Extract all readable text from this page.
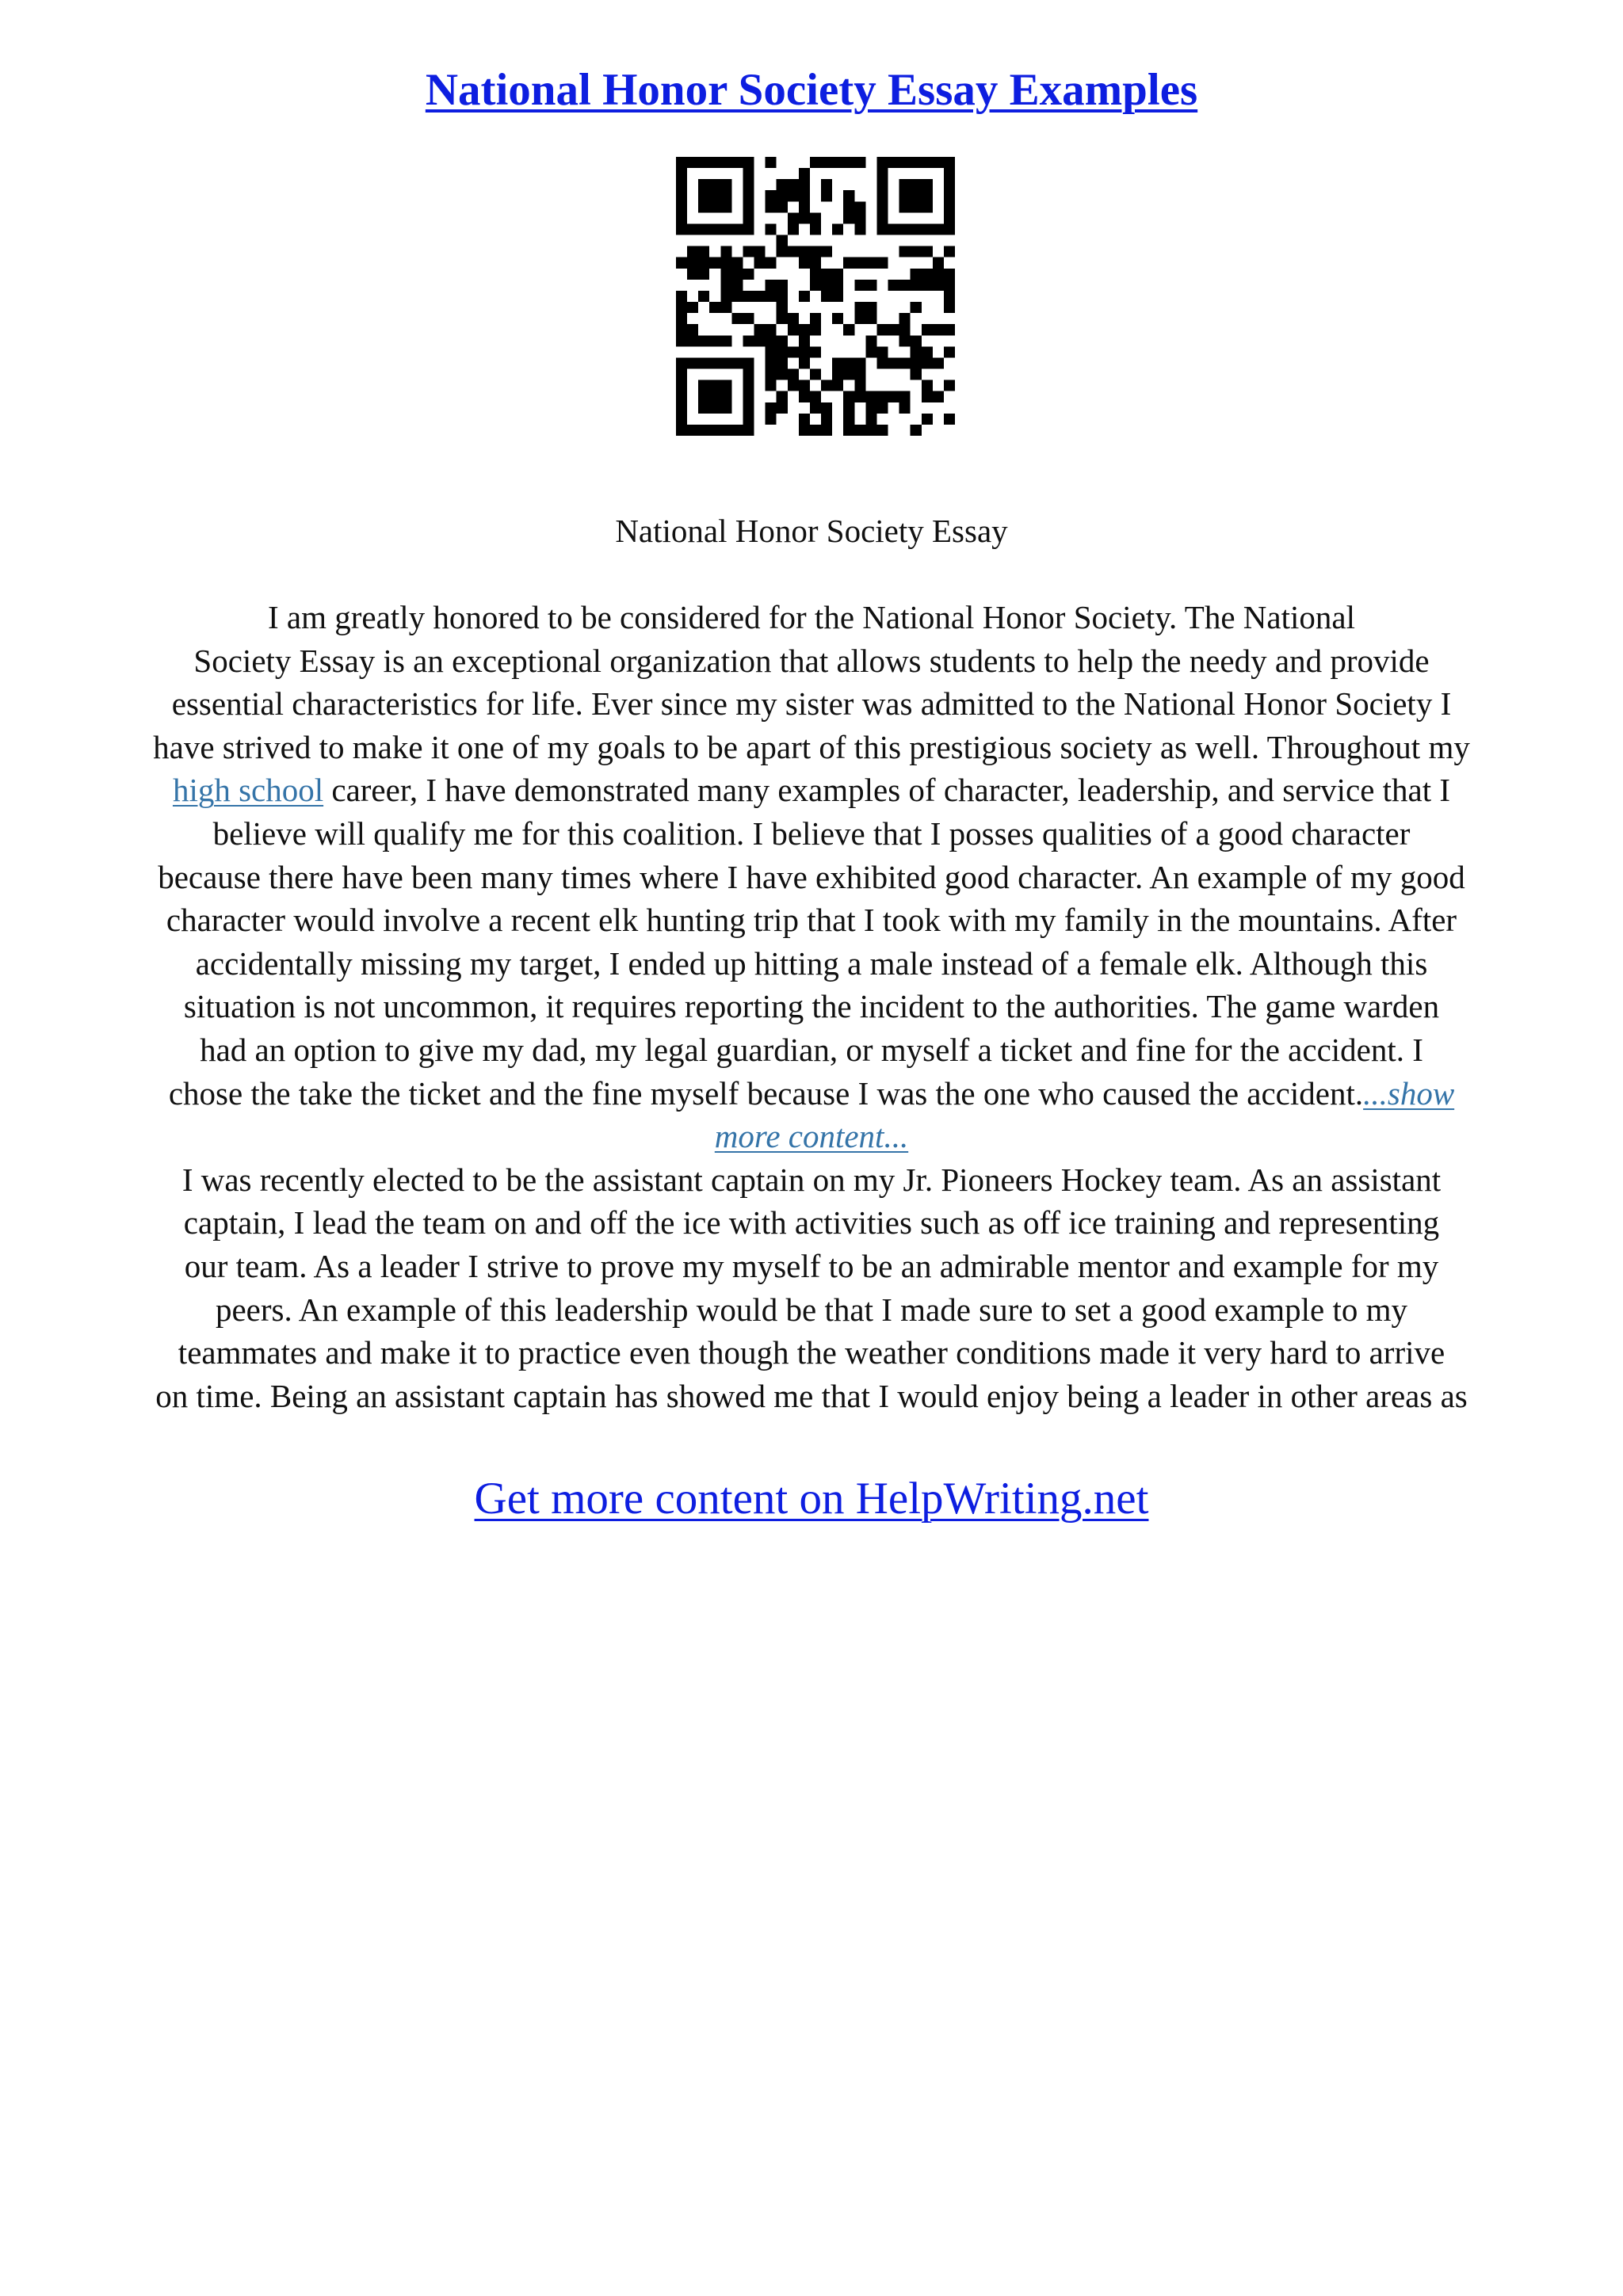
National Honor Society Essay Examples
National Honor Society Essay
I am greatly honored to be considered for the National Honor Society. The National
Society Essay is an exceptional organization that allows students to help the needy and provide
essential characteristics for life. Ever since my sister was admitted to the National Honor Society I
have strived to make it one of my goals to be apart of this prestigious society as well. Throughout my
high school career, I have demonstrated many examples of character, leadership, and service that I
believe will qualify me for this coalition. I believe that I posses qualities of a good character
because there have been many times where I have exhibited good character. An example of my good
character would involve a recent elk hunting trip that I took with my family in the mountains. After
accidentally missing my target, I ended up hitting a male instead of a female elk. Although this
situation is not uncommon, it requires reporting the incident to the authorities. The game warden
had an option to give my dad, my legal guardian, or myself a ticket and fine for the accident. I
chose the take the ticket and the fine myself because I was the one who caused the accident....show
more content...
I was recently elected to be the assistant captain on my Jr. Pioneers Hockey team. As an assistant
captain, I lead the team on and off the ice with activities such as off ice training and representing
our team. As a leader I strive to prove my myself to be an admirable mentor and example for my
peers. An example of this leadership would be that I made sure to set a good example to my
teammates and make it to practice even though the weather conditions made it very hard to arrive
on time. Being an assistant captain has showed me that I would enjoy being a leader in other areas as
Get more content on HelpWriting.net
